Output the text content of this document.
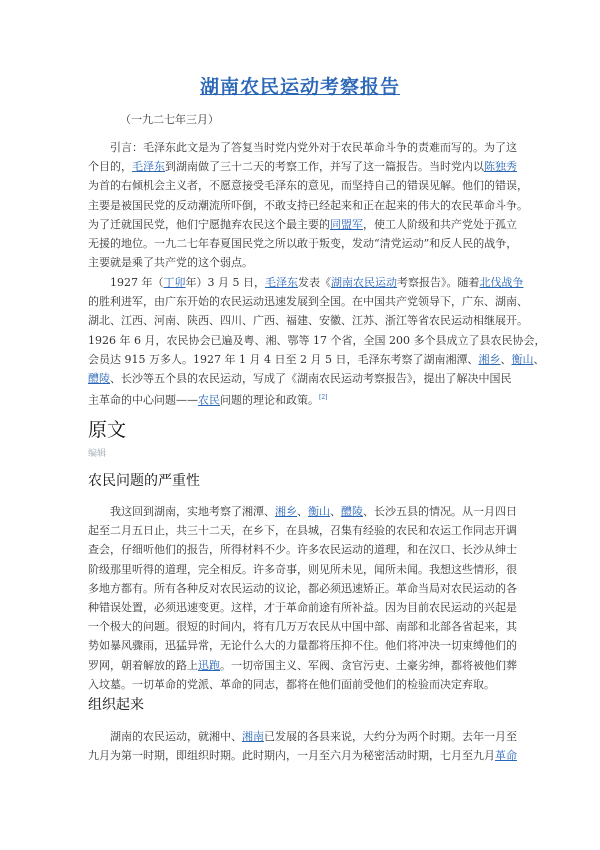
湖南农民运动考察报告
（一九二七年三月）
引言：毛泽东此文是为了答复当时党内党外对于农民革命斗争的责难而写的。为了这
个目的，毛泽东到湖南做了三十二天的考察工作，并写了这一篇报告。当时党内以陈独秀
为首的右倾机会主义者，不愿意接受毛泽东的意见，而坚持自己的错误见解。他们的错误，
主要是被国民党的反动潮流所吓倒，不敢支持已经起来和正在起来的伟大的农民革命斗争。
为了迁就国民党，他们宁愿抛弃农民这个最主要的同盟军，使工人阶级和共产党处于孤立
无援的地位。一九二七年春夏国民党之所以敢于叛变，发动“清党运动”和反人民的战争，
主要就是乘了共产党的这个弱点。
1927 年（丁卯年）3 月 5 日，毛泽东发表《湖南农民运动考察报告》。随着北伐战争
的胜利进军，由广东开始的农民运动迅速发展到全国。在中国共产党领导下，广东、湖南、
湖北、江西、河南、陕西、四川、广西、福建、安徽、江苏、浙江等省农民运动相继展开。
1926 年 6 月，农民协会已遍及粤、湘、鄂等 17 个省，全国 200 多个县成立了县农民协会，
会员达 915 万多人。1927 年 1 月 4 日至 2 月 5 日，毛泽东考察了湖南湘潭、湘乡、衡山、
醴陵、长沙等五个县的农民运动，写成了《湖南农民运动考察报告》，提出了解决中国民
主革命的中心问题——农民问题的理论和政策。[2]
原文
编辑
农民问题的严重性
我这回到湖南，实地考察了湘潭、湘乡、衡山、醴陵、长沙五县的情况。从一月四日
起至二月五日止，共三十二天，在乡下，在县城，召集有经验的农民和农运工作同志开调
查会，仔细听他们的报告，所得材料不少。许多农民运动的道理，和在汉口、长沙从绅士
阶级那里听得的道理，完全相反。许多奇事，则见所未见，闻所未闻。我想这些情形，很
多地方都有。所有各种反对农民运动的议论，都必须迅速矫正。革命当局对农民运动的各
种错误处置，必须迅速变更。这样，才于革命前途有所补益。因为目前农民运动的兴起是
一个极大的问题。很短的时间内，将有几万万农民从中国中部、南部和北部各省起来，其
势如暴风骤雨，迅猛异常，无论什么大的力量都将压抑不住。他们将冲决一切束缚他们的
罗网，朝着解放的路上迅跑。一切帝国主义、军阀、贪官污吏、土豪劣绅，都将被他们葬
入坟墓。一切革命的党派、革命的同志，都将在他们面前受他们的检验而决定弃取。
组织起来
湖南的农民运动，就湘中、湘南已发展的各县来说，大约分为两个时期。去年一月至
九月为第一时期，即组织时期。此时期内，一月至六月为秘密活动时期，七月至九月革命
